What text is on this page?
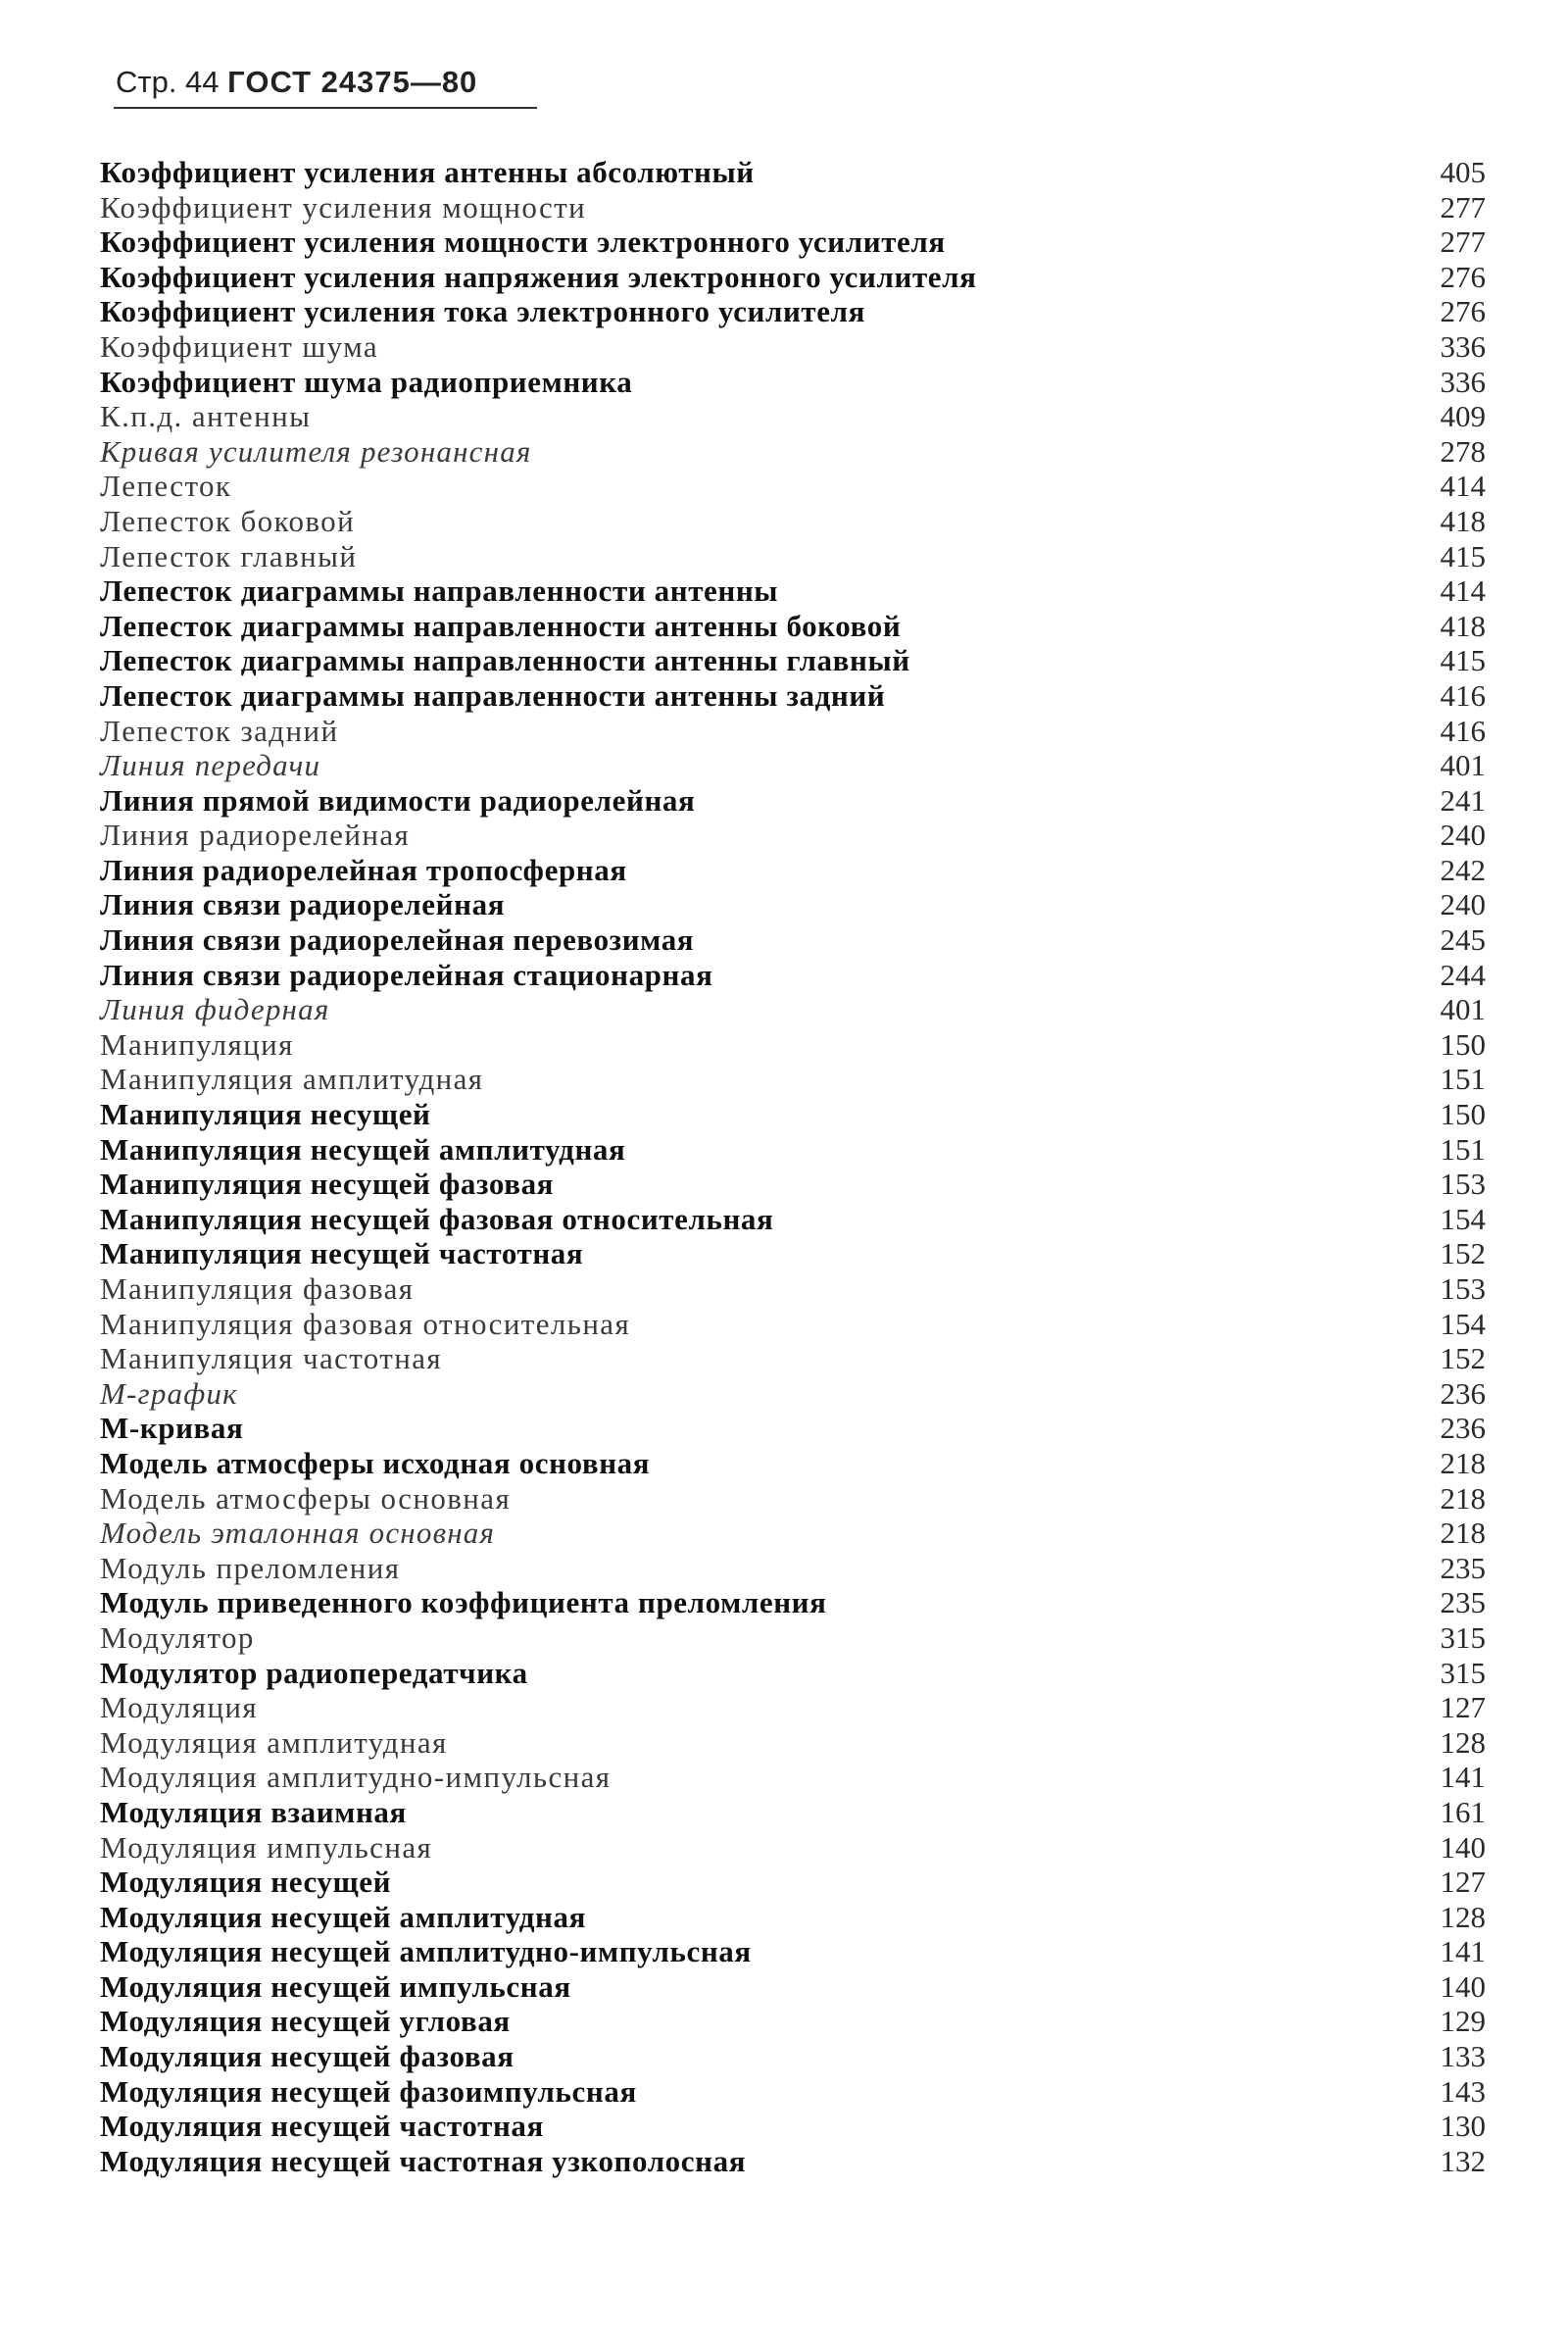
Стр. 44 ГОСТ 24375—80
Коэффициент усиления антенны абсолютный	405
Коэффициент усиления мощности	277
Коэффициент усиления мощности электронного усилителя	277
Коэффициент усиления напряжения электронного усилителя	276
Коэффициент усиления тока электронного усилителя	276
Коэффициент шума	336
Коэффициент шума радиоприемника	336
К.п.д. антенны	409
Кривая усилителя резонансная	278
Лепесток	414
Лепесток боковой	418
Лепесток главный	415
Лепесток диаграммы направленности антенны	414
Лепесток диаграммы направленности антенны боковой	418
Лепесток диаграммы направленности антенны главный	415
Лепесток диаграммы направленности антенны задний	416
Лепесток задний	416
Линия передачи	401
Линия прямой видимости радиорелейная	241
Линия радиорелейная	240
Линия радиорелейная тропосферная	242
Линия связи радиорелейная	240
Линия связи радиорелейная перевозимая	245
Линия связи радиорелейная стационарная	244
Линия фидерная	401
Манипуляция	150
Манипуляция амплитудная	151
Манипуляция несущей	150
Манипуляция несущей амплитудная	151
Манипуляция несущей фазовая	153
Манипуляция несущей фазовая относительная	154
Манипуляция несущей частотная	152
Манипуляция фазовая	153
Манипуляция фазовая относительная	154
Манипуляция частотная	152
М-график	236
М-кривая	236
Модель атмосферы исходная основная	218
Модель атмосферы основная	218
Модель эталонная основная	218
Модуль преломления	235
Модуль приведенного коэффициента преломления	235
Модулятор	315
Модулятор радиопередатчика	315
Модуляция	127
Модуляция амплитудная	128
Модуляция амплитудно-импульсная	141
Модуляция взаимная	161
Модуляция импульсная	140
Модуляция несущей	127
Модуляция несущей амплитудная	128
Модуляция несущей амплитудно-импульсная	141
Модуляция несущей импульсная	140
Модуляция несущей угловая	129
Модуляция несущей фазовая	133
Модуляция несущей фазоимпульсная	143
Модуляция несущей частотная	130
Модуляция несущей частотная узкополосная	132
